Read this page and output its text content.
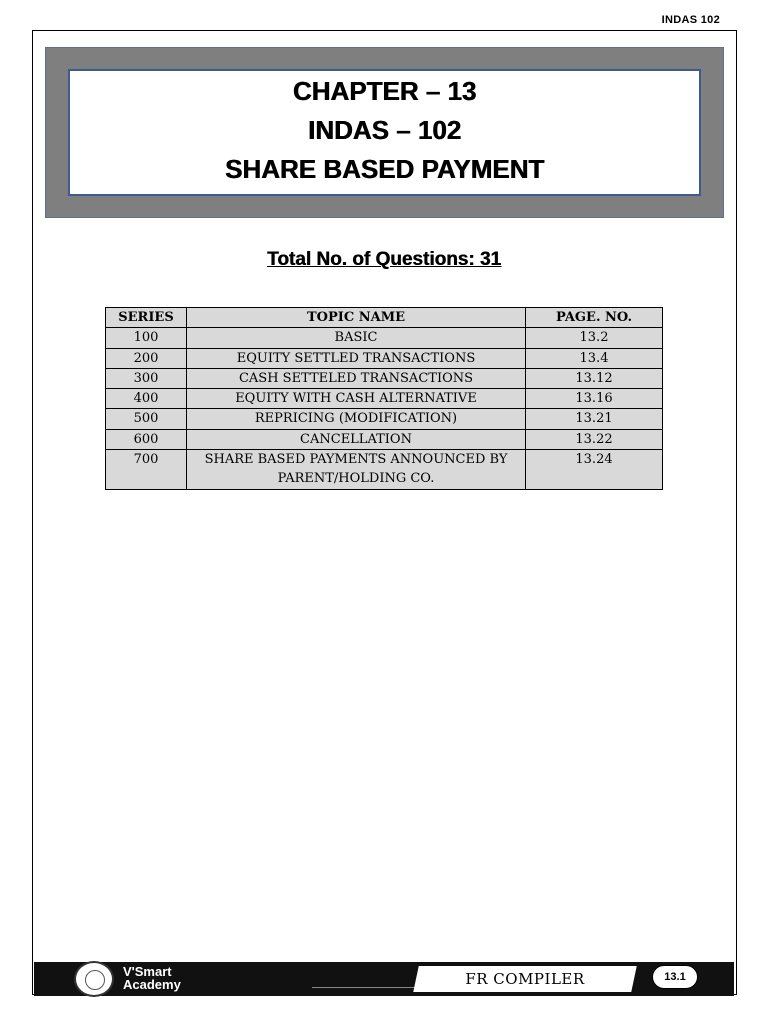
INDAS 102
CHAPTER – 13
INDAS – 102
SHARE BASED PAYMENT
Total No. of Questions: 31
SERIES	TOPIC NAME	PAGE. NO.
100	BASIC	13.2
200	EQUITY SETTLED TRANSACTIONS	13.4
300	CASH SETTELED TRANSACTIONS	13.12
400	EQUITY WITH CASH ALTERNATIVE	13.16
500	REPRICING (MODIFICATION)	13.21
600	CANCELLATION	13.22
700	SHARE BASED PAYMENTS ANNOUNCED BY PARENT/HOLDING CO.	13.24
V'Smart
Academy	FR COMPILER	13.1
